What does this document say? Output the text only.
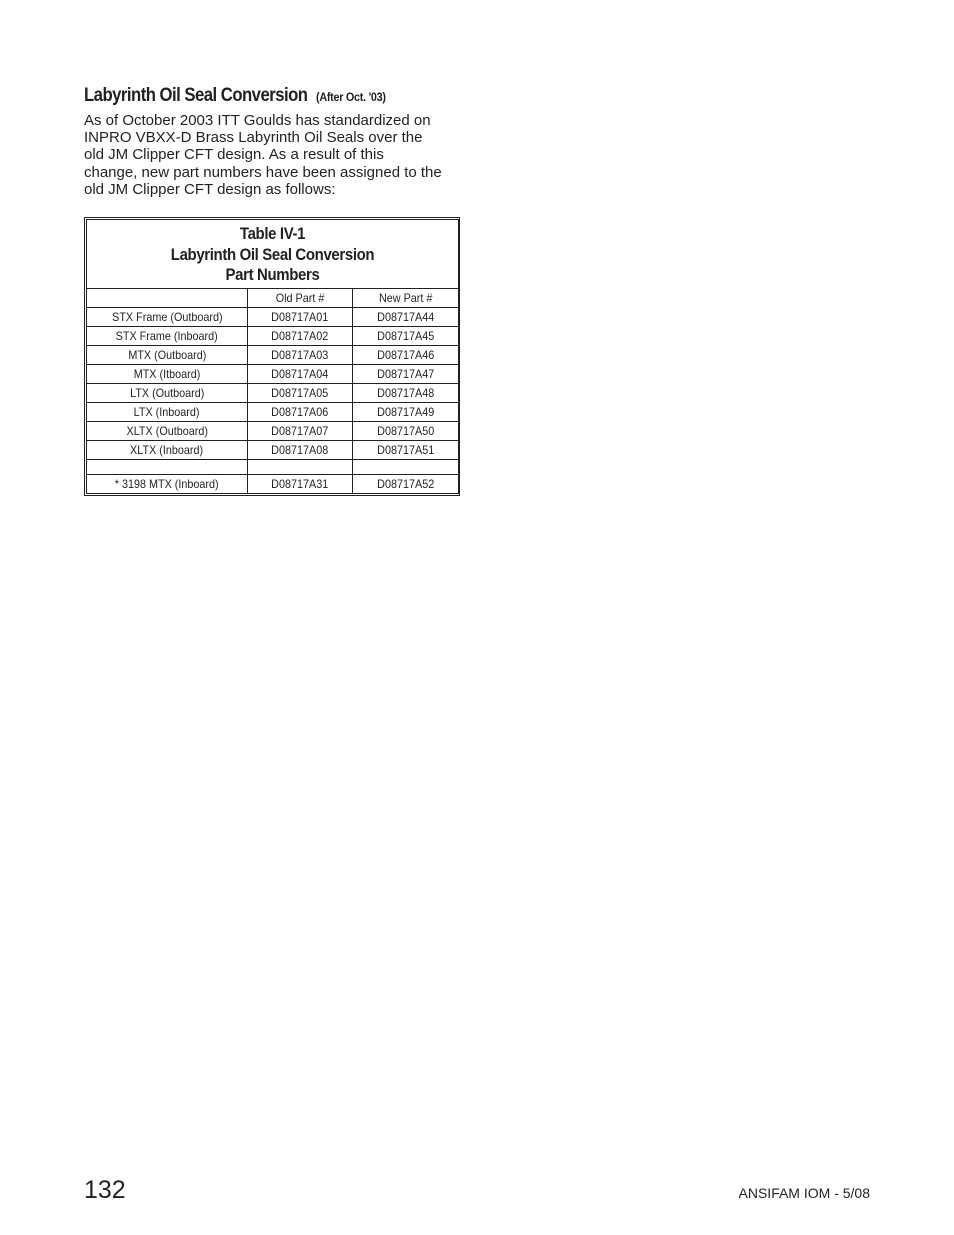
Labyrinth Oil Seal Conversion (After Oct. '03)

As of October 2003 ITT Goulds has standardized on
INPRO VBXX-D Brass Labyrinth Oil Seals over the
old JM Clipper CFT design. As a result of this
change, new part numbers have been assigned to the
old JM Clipper CFT design as follows:

Table IV-1
Labyrinth Oil Seal Conversion
Part Numbers		

	Old Part #	New Part #
STX Frame (Outboard)	D08717A01	D08717A44
STX Frame (Inboard)	D08717A02	D08717A45
MTX (Outboard)	D08717A03	D08717A46
MTX (Itboard)	D08717A04	D08717A47
LTX (Outboard)	D08717A05	D08717A48
LTX (Inboard)	D08717A06	D08717A49
XLTX (Outboard)	D08717A07	D08717A50
XLTX (Inboard)	D08717A08	D08717A51

* 3198 MTX (Inboard)	D08717A31	D08717A52
132	ANSIFAM IOM - 5/08
